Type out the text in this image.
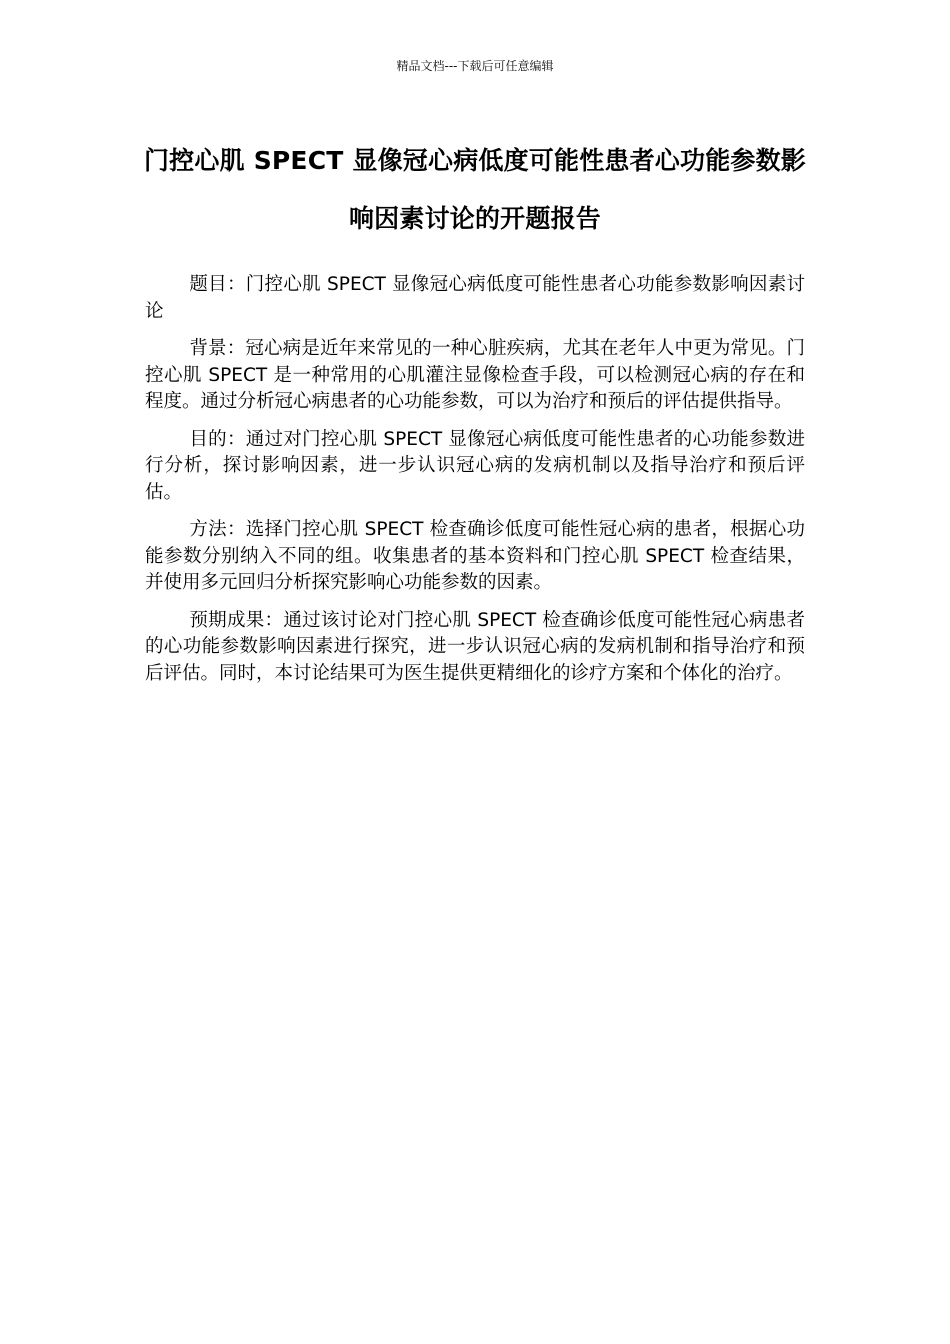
精品文档---下载后可任意编辑
门控心肌 SPECT 显像冠心病低度可能性患者心功能参数影响因素讨论的开题报告

题目：门控心肌 SPECT 显像冠心病低度可能性患者心功能参数影响因素讨论

背景：冠心病是近年来常见的一种心脏疾病，尤其在老年人中更为常见。门控心肌 SPECT 是一种常用的心肌灌注显像检查手段，可以检测冠心病的存在和程度。通过分析冠心病患者的心功能参数，可以为治疗和预后的评估提供指导。

目的：通过对门控心肌 SPECT 显像冠心病低度可能性患者的心功能参数进行分析，探讨影响因素，进一步认识冠心病的发病机制以及指导治疗和预后评估。

方法：选择门控心肌 SPECT 检查确诊低度可能性冠心病的患者，根据心功能参数分别纳入不同的组。收集患者的基本资料和门控心肌 SPECT 检查结果，并使用多元回归分析探究影响心功能参数的因素。

预期成果：通过该讨论对门控心肌 SPECT 检查确诊低度可能性冠心病患者的心功能参数影响因素进行探究，进一步认识冠心病的发病机制和指导治疗和预后评估。同时，本讨论结果可为医生提供更精细化的诊疗方案和个体化的治疗。
